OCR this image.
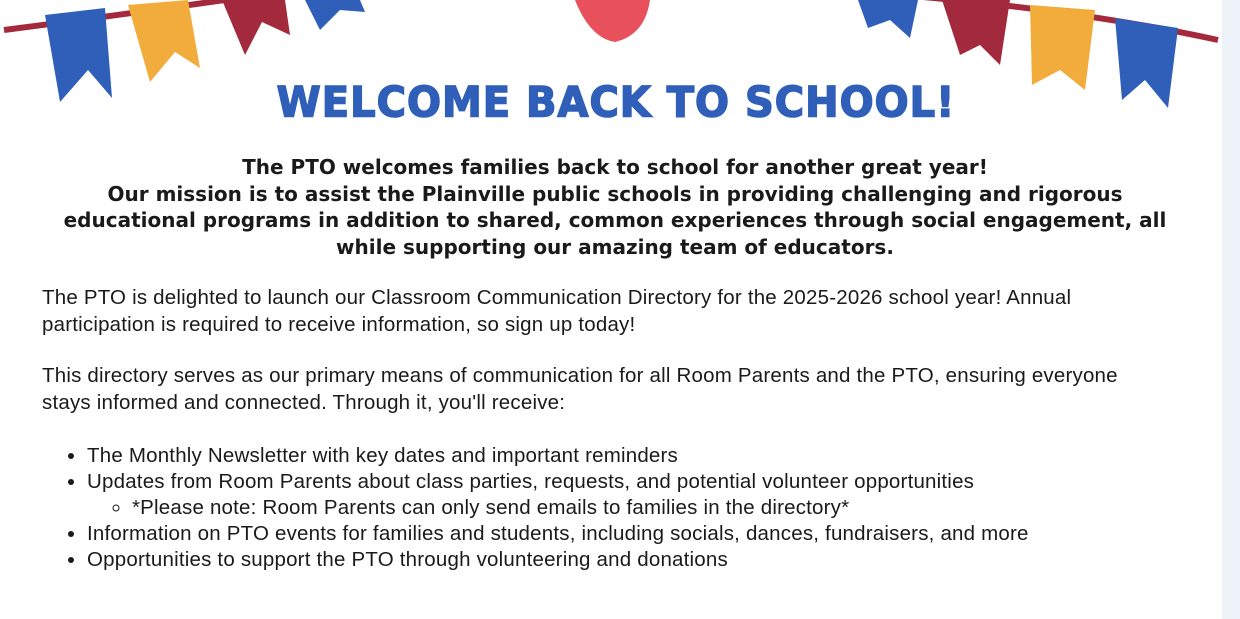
WELCOME BACK TO SCHOOL!
The PTO welcomes families back to school for another great year!
Our mission is to assist the Plainville public schools in providing challenging and rigorous educational programs in addition to shared, common experiences through social engagement, all while supporting our amazing team of educators.
The PTO is delighted to launch our Classroom Communication Directory for the 2025-2026 school year! Annual participation is required to receive information, so sign up today!
This directory serves as our primary means of communication for all Room Parents and the PTO, ensuring everyone stays informed and connected. Through it, you'll receive:
• The Monthly Newsletter with key dates and important reminders
• Updates from Room Parents about class parties, requests, and potential volunteer opportunities
◦ *Please note: Room Parents can only send emails to families in the directory*
• Information on PTO events for families and students, including socials, dances, fundraisers, and more
• Opportunities to support the PTO through volunteering and donations
